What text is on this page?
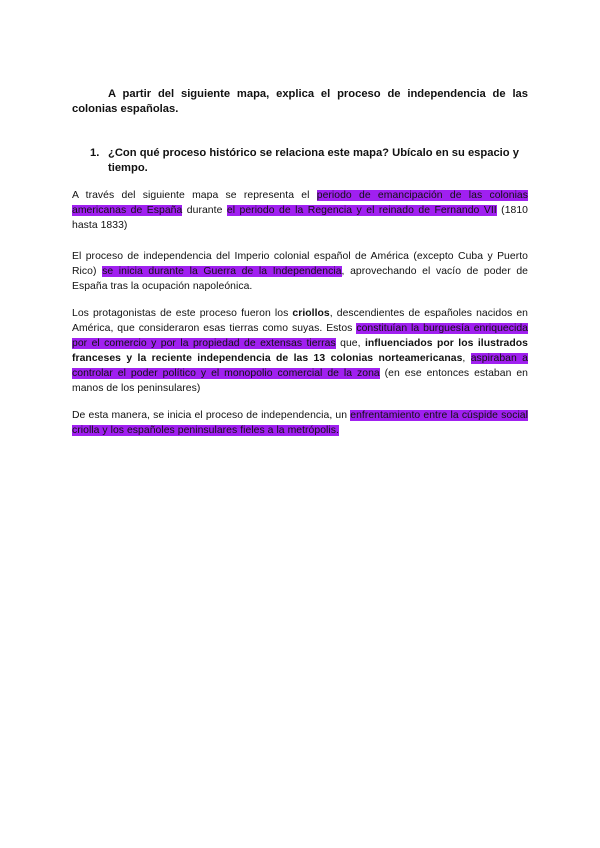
A partir del siguiente mapa, explica el proceso de independencia de las colonias españolas.

1. ¿Con qué proceso histórico se relaciona este mapa? Ubícalo en su espacio y tiempo.

A través del siguiente mapa se representa el periodo de emancipación de las colonias americanas de España durante el periodo de la Regencia y el reinado de Fernando VII (1810 hasta 1833)

El proceso de independencia del Imperio colonial español de América (excepto Cuba y Puerto Rico) se inicia durante la Guerra de la Independencia, aprovechando el vacío de poder de España tras la ocupación napoleónica.

Los protagonistas de este proceso fueron los criollos, descendientes de españoles nacidos en América, que consideraron esas tierras como suyas. Estos constituían la burguesía enriquecida por el comercio y por la propiedad de extensas tierras que, influenciados por los ilustrados franceses y la reciente independencia de las 13 colonias norteamericanas, aspiraban a controlar el poder político y el monopolio comercial de la zona (en ese entonces estaban en manos de los peninsulares)

De esta manera, se inicia el proceso de independencia, un enfrentamiento entre la cúspide social criolla y los españoles peninsulares fieles a la metrópolis.
